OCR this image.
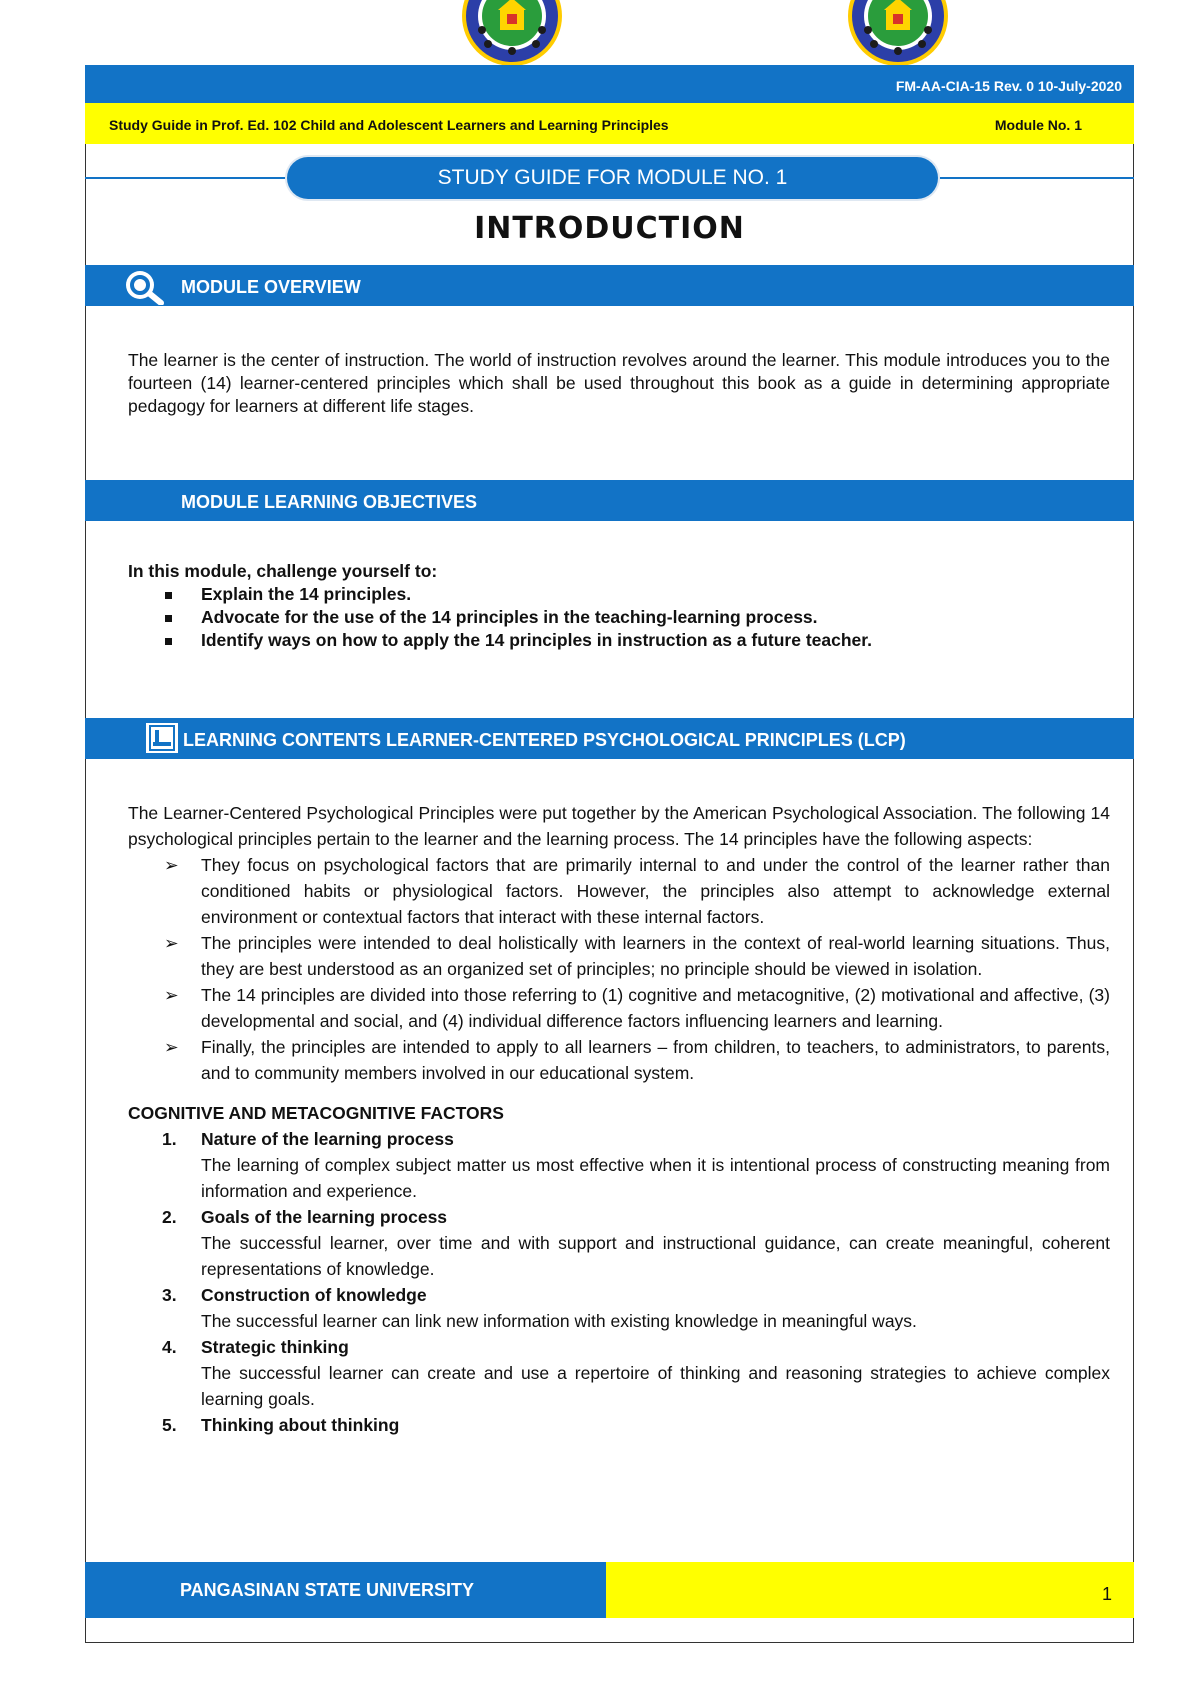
FM-AA-CIA-15 Rev. 0 10-July-2020
Study Guide in Prof. Ed. 102 Child and Adolescent Learners and Learning Principles	Module No. 1
STUDY GUIDE FOR MODULE NO. 1
INTRODUCTION
MODULE OVERVIEW
The learner is the center of instruction. The world of instruction revolves around the learner. This module introduces you to the fourteen (14) learner-centered principles which shall be used throughout this book as a guide in determining appropriate pedagogy for learners at different life stages.
MODULE LEARNING OBJECTIVES
In this module, challenge yourself to:
Explain the 14 principles.
Advocate for the use of the 14 principles in the teaching-learning process.
Identify ways on how to apply the 14 principles in instruction as a future teacher.
LEARNING CONTENTS LEARNER-CENTERED PSYCHOLOGICAL PRINCIPLES (LCP)

The Learner-Centered Psychological Principles were put together by the American Psychological Association. The following 14 psychological principles pertain to the learner and the learning process. The 14 principles have the following aspects:

➢ They focus on psychological factors that are primarily internal to and under the control of the learner rather than conditioned habits or physiological factors. However, the principles also attempt to acknowledge external environment or contextual factors that interact with these internal factors.
➢ The principles were intended to deal holistically with learners in the context of real-world learning situations. Thus, they are best understood as an organized set of principles; no principle should be viewed in isolation.
➢ The 14 principles are divided into those referring to (1) cognitive and metacognitive, (2) motivational and affective, (3) developmental and social, and (4) individual difference factors influencing learners and learning.
➢ Finally, the principles are intended to apply to all learners – from children, to teachers, to administrators, to parents, and to community members involved in our educational system.
COGNITIVE AND METACOGNITIVE FACTORS
1. Nature of the learning process
The learning of complex subject matter us most effective when it is intentional process of constructing meaning from information and experience.
2. Goals of the learning process
The successful learner, over time and with support and instructional guidance, can create meaningful, coherent representations of knowledge.
3. Construction of knowledge
The successful learner can link new information with existing knowledge in meaningful ways.
4. Strategic thinking
The successful learner can create and use a repertoire of thinking and reasoning strategies to achieve complex learning goals.
5. Thinking about thinking
PANGASINAN STATE UNIVERSITY	1
